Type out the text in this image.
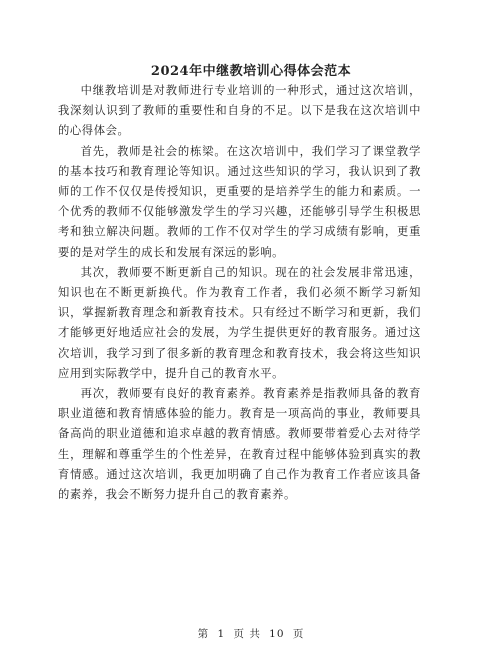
2024年中继教培训心得体会范本

中继教培训是对教师进行专业培训的一种形式，通过这次培训，我深刻认识到了教师的重要性和自身的不足。以下是我在这次培训中的心得体会。

首先，教师是社会的栋梁。在这次培训中，我们学习了课堂教学的基本技巧和教育理论等知识。通过这些知识的学习，我认识到了教师的工作不仅仅是传授知识，更重要的是培养学生的能力和素质。一个优秀的教师不仅能够激发学生的学习兴趣，还能够引导学生积极思考和独立解决问题。教师的工作不仅对学生的学习成绩有影响，更重要的是对学生的成长和发展有深远的影响。

其次，教师要不断更新自己的知识。现在的社会发展非常迅速，知识也在不断更新换代。作为教育工作者，我们必须不断学习新知识，掌握新教育理念和新教育技术。只有经过不断学习和更新，我们才能够更好地适应社会的发展，为学生提供更好的教育服务。通过这次培训，我学习到了很多新的教育理念和教育技术，我会将这些知识应用到实际教学中，提升自己的教育水平。

再次，教师要有良好的教育素养。教育素养是指教师具备的教育职业道德和教育情感体验的能力。教育是一项高尚的事业，教师要具备高尚的职业道德和追求卓越的教育情感。教师要带着爱心去对待学生，理解和尊重学生的个性差异，在教育过程中能够体验到真实的教育情感。通过这次培训，我更加明确了自己作为教育工作者应该具备的素养，我会不断努力提升自己的教育素养。

第 1 页 共 10 页
